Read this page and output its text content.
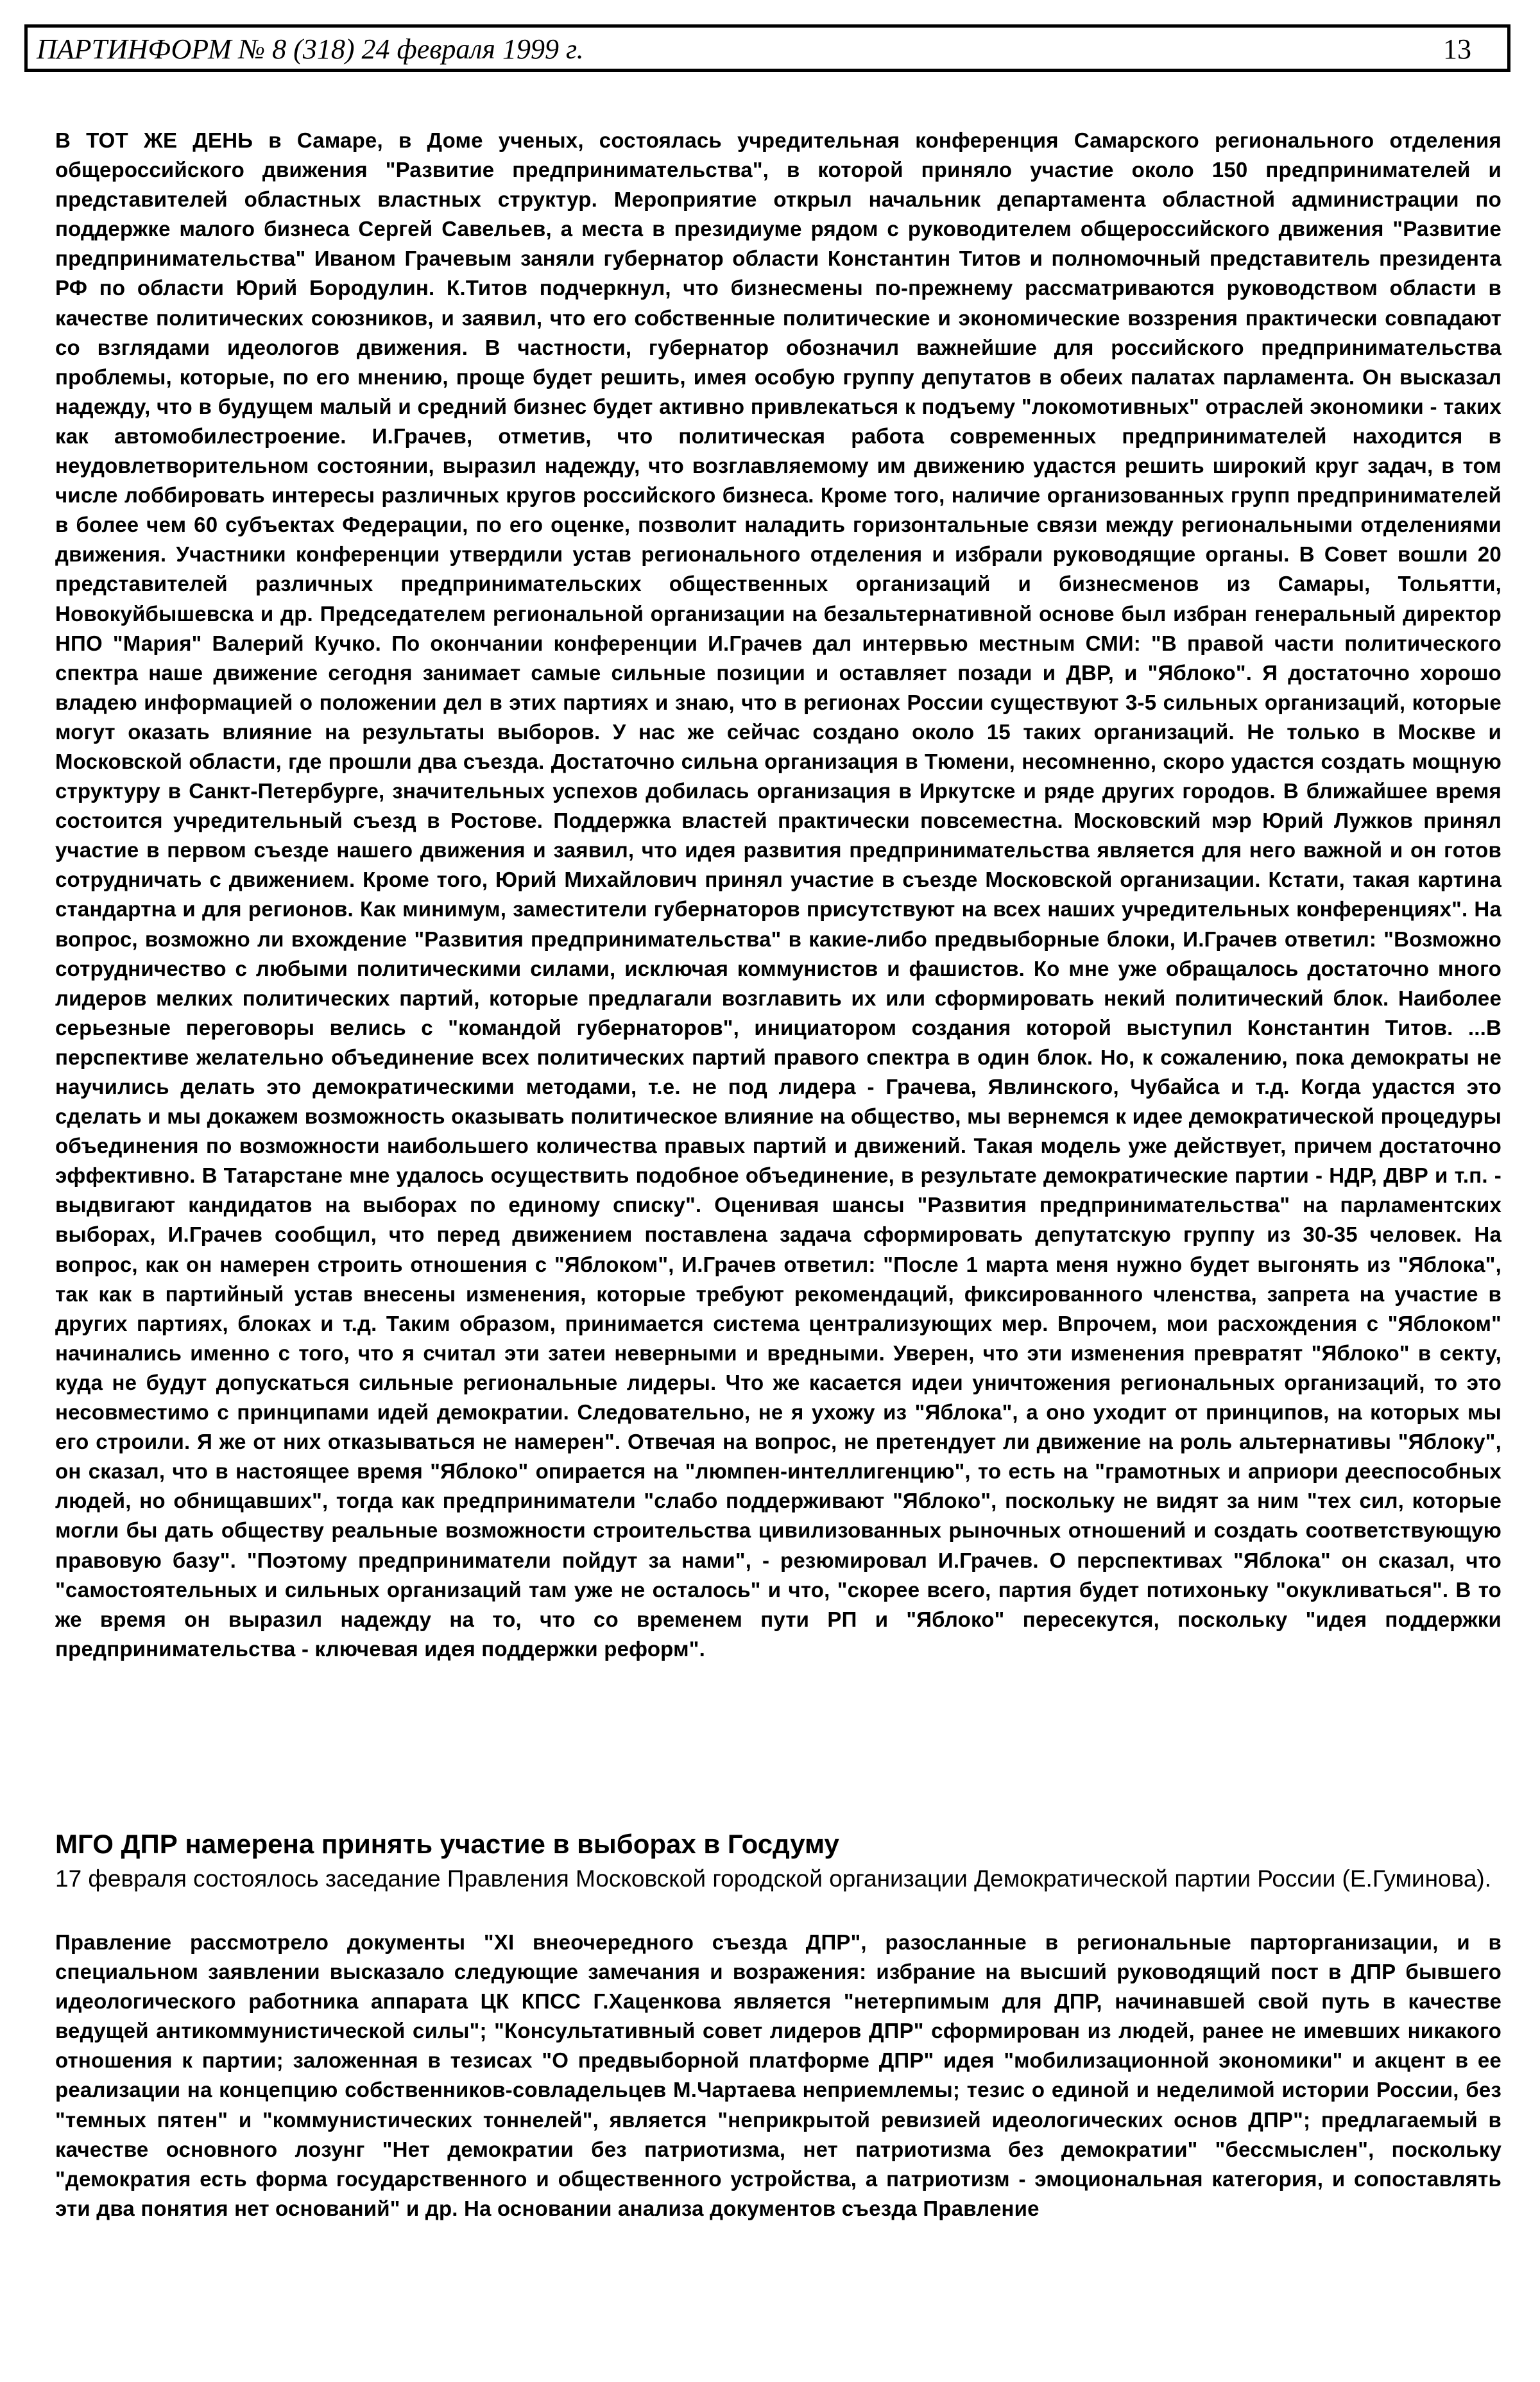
ПАРТИНФОРМ № 8 (318) 24 февраля 1999 г.	13

В ТОТ ЖЕ ДЕНЬ в Самаре, в Доме ученых, состоялась учредительная конференция Самарского регионального отделения общероссийского движения "Развитие предпринимательства", в которой приняло участие около 150 предпринимателей и представителей областных властных структур. Мероприятие открыл начальник департамента областной администрации по поддержке малого бизнеса Сергей Савельев, а места в президиуме рядом с руководителем общероссийского движения "Развитие предпринимательства" Иваном Грачевым заняли губернатор области Константин Титов и полномочный представитель президента РФ по области Юрий Бородулин. К.Титов подчеркнул, что бизнесмены по-прежнему рассматриваются руководством области в качестве политических союзников, и заявил, что его собственные политические и экономические воззрения практически совпадают со взглядами идеологов движения. В частности, губернатор обозначил важнейшие для российского предпринимательства проблемы, которые, по его мнению, проще будет решить, имея особую группу депутатов в обеих палатах парламента. Он высказал надежду, что в будущем малый и средний бизнес будет активно привлекаться к подъему "локомотивных" отраслей экономики - таких как автомобилестроение. И.Грачев, отметив, что политическая работа современных предпринимателей находится в неудовлетворительном состоянии, выразил надежду, что возглавляемому им движению удастся решить широкий круг задач, в том числе лоббировать интересы различных кругов российского бизнеса. Кроме того, наличие организованных групп предпринимателей в более чем 60 субъектах Федерации, по его оценке, позволит наладить горизонтальные связи между региональными отделениями движения. Участники конференции утвердили устав регионального отделения и избрали руководящие органы. В Совет вошли 20 представителей различных предпринимательских общественных организаций и бизнесменов из Самары, Тольятти, Новокуйбышевска и др. Председателем региональной организации на безальтернативной основе был избран генеральный директор НПО "Мария" Валерий Кучко. По окончании конференции И.Грачев дал интервью местным СМИ: "В правой части политического спектра наше движение сегодня занимает самые сильные позиции и оставляет позади и ДВР, и "Яблоко". Я достаточно хорошо владею информацией о положении дел в этих партиях и знаю, что в регионах России существуют 3-5 сильных организаций, которые могут оказать влияние на результаты выборов. У нас же сейчас создано около 15 таких организаций. Не только в Москве и Московской области, где прошли два съезда. Достаточно сильна организация в Тюмени, несомненно, скоро удастся создать мощную структуру в Санкт-Петербурге, значительных успехов добилась организация в Иркутске и ряде других городов. В ближайшее время состоится учредительный съезд в Ростове. Поддержка властей практически повсеместна. Московский мэр Юрий Лужков принял участие в первом съезде нашего движения и заявил, что идея развития предпринимательства является для него важной и он готов сотрудничать с движением. Кроме того, Юрий Михайлович принял участие в съезде Московской организации. Кстати, такая картина стандартна и для регионов. Как минимум, заместители губернаторов присутствуют на всех наших учредительных конференциях". На вопрос, возможно ли вхождение "Развития предпринимательства" в какие-либо предвыборные блоки, И.Грачев ответил: "Возможно сотрудничество с любыми политическими силами, исключая коммунистов и фашистов. Ко мне уже обращалось достаточно много лидеров мелких политических партий, которые предлагали возглавить их или сформировать некий политический блок. Наиболее серьезные переговоры велись с "командой губернаторов", инициатором создания которой выступил Константин Титов. ...В перспективе желательно объединение всех политических партий правого спектра в один блок. Но, к сожалению, пока демократы не научились делать это демократическими методами, т.е. не под лидера - Грачева, Явлинского, Чубайса и т.д. Когда удастся это сделать и мы докажем возможность оказывать политическое влияние на общество, мы вернемся к идее демократической процедуры объединения по возможности наибольшего количества правых партий и движений. Такая модель уже действует, причем достаточно эффективно. В Татарстане мне удалось осуществить подобное объединение, в результате демократические партии - НДР, ДВР и т.п. - выдвигают кандидатов на выборах по единому списку". Оценивая шансы "Развития предпринимательства" на парламентских выборах, И.Грачев сообщил, что перед движением поставлена задача сформировать депутатскую группу из 30-35 человек. На вопрос, как он намерен строить отношения с "Яблоком", И.Грачев ответил: "После 1 марта меня нужно будет выгонять из "Яблока", так как в партийный устав внесены изменения, которые требуют рекомендаций, фиксированного членства, запрета на участие в других партиях, блоках и т.д. Таким образом, принимается система централизующих мер. Впрочем, мои расхождения с "Яблоком" начинались именно с того, что я считал эти затеи неверными и вредными. Уверен, что эти изменения превратят "Яблоко" в секту, куда не будут допускаться сильные региональные лидеры. Что же касается идеи уничтожения региональных организаций, то это несовместимо с принципами идей демократии. Следовательно, не я ухожу из "Яблока", а оно уходит от принципов, на которых мы его строили. Я же от них отказываться не намерен". Отвечая на вопрос, не претендует ли движение на роль альтернативы "Яблоку", он сказал, что в настоящее время "Яблоко" опирается на "люмпен-интеллигенцию", то есть на "грамотных и априори дееспособных людей, но обнищавших", тогда как предприниматели "слабо поддерживают "Яблоко", поскольку не видят за ним "тех сил, которые могли бы дать обществу реальные возможности строительства цивилизованных рыночных отношений и создать соответствующую правовую базу". "Поэтому предприниматели пойдут за нами", - резюмировал И.Грачев. О перспективах "Яблока" он сказал, что "самостоятельных и сильных организаций там уже не осталось" и что, "скорее всего, партия будет потихоньку "окукливаться". В то же время он выразил надежду на то, что со временем пути РП и "Яблоко" пересекутся, поскольку "идея поддержки предпринимательства - ключевая идея поддержки реформ".

МГО ДПР намерена принять участие в выборах в Госдуму

17 февраля состоялось заседание Правления Московской городской организации Демократической партии России (Е.Гуминова).

Правление рассмотрело документы "XI внеочередного съезда ДПР", разосланные в региональные парторганизации, и в специальном заявлении высказало следующие замечания и возражения: избрание на высший руководящий пост в ДПР бывшего идеологического работника аппарата ЦК КПСС Г.Хаценкова является "нетерпимым для ДПР, начинавшей свой путь в качестве ведущей антикоммунистической силы"; "Консультативный совет лидеров ДПР" сформирован из людей, ранее не имевших никакого отношения к партии; заложенная в тезисах "О предвыборной платформе ДПР" идея "мобилизационной экономики" и акцент в ее реализации на концепцию собственников-совладельцев М.Чартаева неприемлемы; тезис о единой и неделимой истории России, без "темных пятен" и "коммунистических тоннелей", является "неприкрытой ревизией идеологических основ ДПР"; предлагаемый в качестве основного лозунг "Нет демократии без патриотизма, нет патриотизма без демократии" "бессмыслен", поскольку "демократия есть форма государственного и общественного устройства, а патриотизм - эмоциональная категория, и сопоставлять эти два понятия нет оснований" и др. На основании анализа документов съезда Правление
